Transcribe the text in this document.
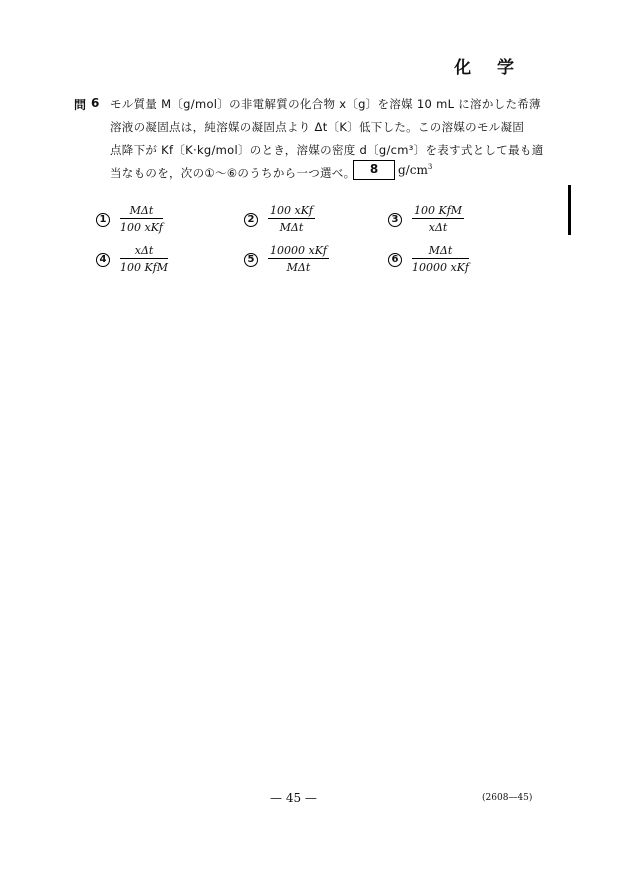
化 学
問 6 モル質量 M〔g/mol〕の非電解質の化合物 x〔g〕を溶媒 10 mL に溶かした希薄
溶液の凝固点は，純溶媒の凝固点より Δt〔K〕低下した。この溶媒のモル凝固
点降下が Kf〔K·kg/mol〕のとき，溶媒の密度 d〔g/cm³〕を表す式として最も適
当なものを，次の①〜⑥のうちから一つ選べ。	8	$g/cm^3$
1
MΔt
100 xKf
2
100 xKf
MΔt
3
100 KfM
xΔt
4
xΔt
100 KfM
5
10000 xKf
MΔt
6
MΔt
10000 xKf
— 45 —	(2608—45)
